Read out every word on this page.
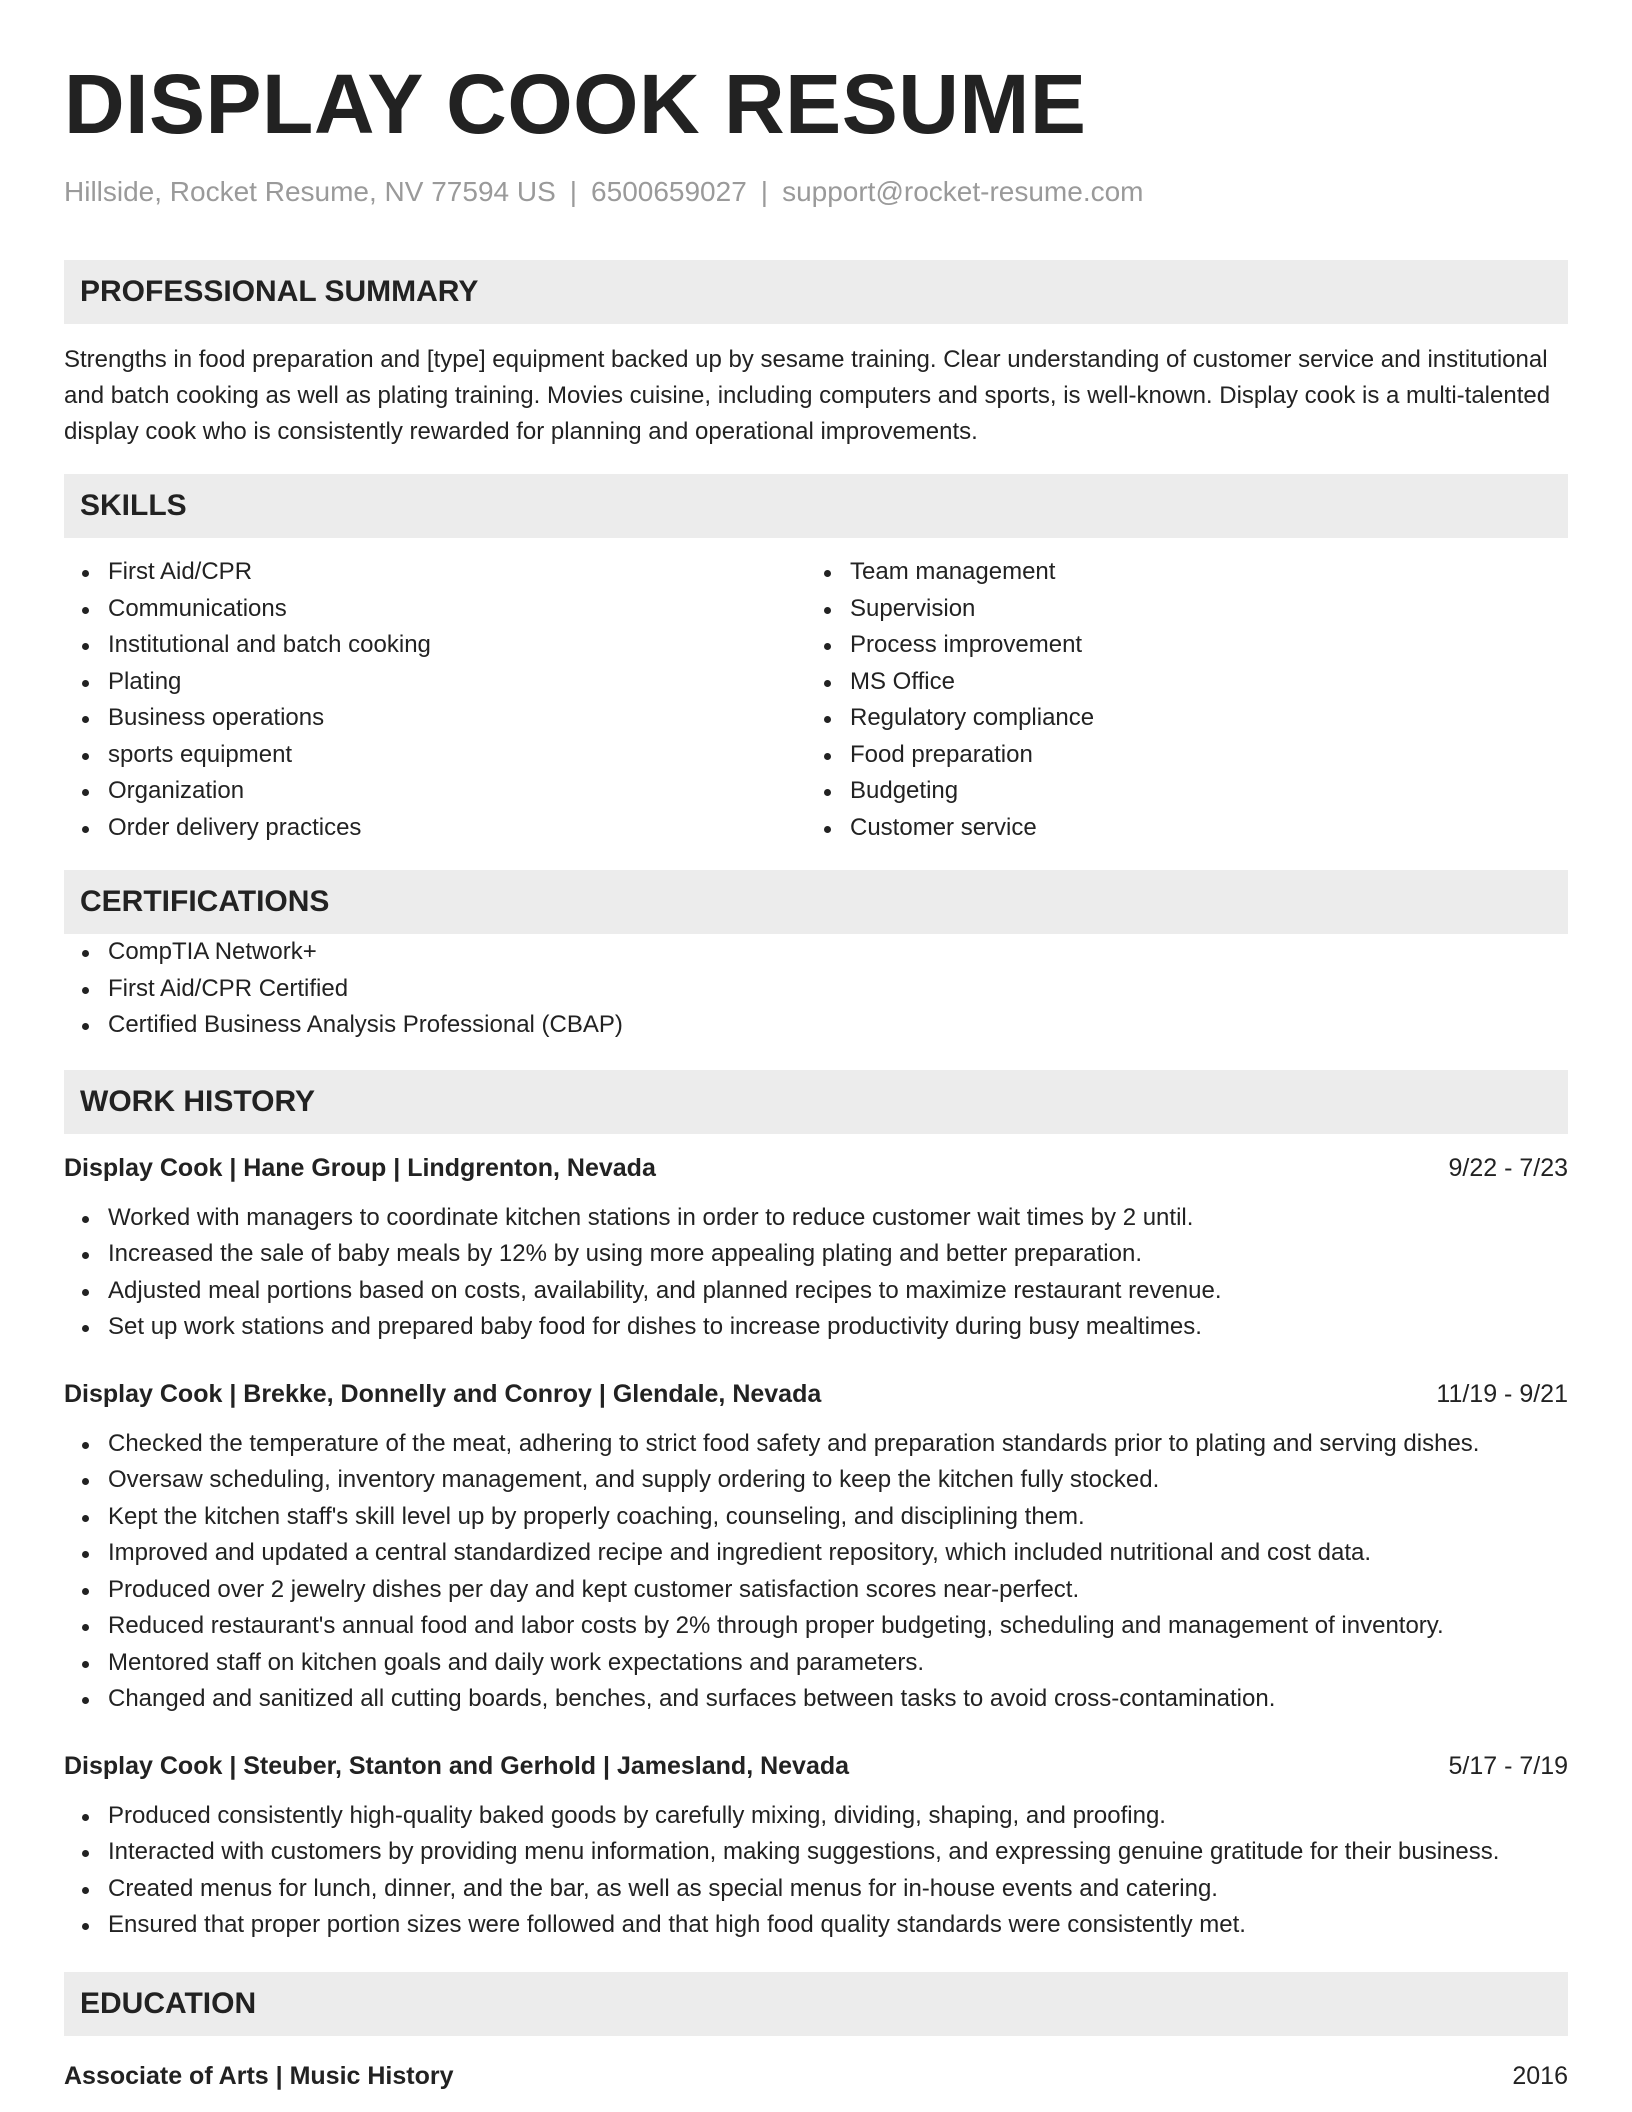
DISPLAY COOK RESUME
Hillside, Rocket Resume, NV 77594 US | 6500659027 | support@rocket-resume.com
PROFESSIONAL SUMMARY

Strengths in food preparation and [type] equipment backed up by sesame training. Clear understanding of customer service and institutional and batch cooking as well as plating training. Movies cuisine, including computers and sports, is well-known. Display cook is a multi-talented display cook who is consistently rewarded for planning and operational improvements.

SKILLS
First Aid/CPR
Communications
Institutional and batch cooking
Plating
Business operations
sports equipment
Organization
Order delivery practices
Team management
Supervision
Process improvement
MS Office
Regulatory compliance
Food preparation
Budgeting
Customer service
CERTIFICATIONS
CompTIA Network+
First Aid/CPR Certified
Certified Business Analysis Professional (CBAP)
WORK HISTORY
Display Cook | Hane Group | Lindgrenton, Nevada	9/22 - 7/23
Worked with managers to coordinate kitchen stations in order to reduce customer wait times by 2 until.
Increased the sale of baby meals by 12% by using more appealing plating and better preparation.
Adjusted meal portions based on costs, availability, and planned recipes to maximize restaurant revenue.
Set up work stations and prepared baby food for dishes to increase productivity during busy mealtimes.
Display Cook | Brekke, Donnelly and Conroy | Glendale, Nevada	11/19 - 9/21
Checked the temperature of the meat, adhering to strict food safety and preparation standards prior to plating and serving dishes.
Oversaw scheduling, inventory management, and supply ordering to keep the kitchen fully stocked.
Kept the kitchen staff's skill level up by properly coaching, counseling, and disciplining them.
Improved and updated a central standardized recipe and ingredient repository, which included nutritional and cost data.
Produced over 2 jewelry dishes per day and kept customer satisfaction scores near-perfect.
Reduced restaurant's annual food and labor costs by 2% through proper budgeting, scheduling and management of inventory.
Mentored staff on kitchen goals and daily work expectations and parameters.
Changed and sanitized all cutting boards, benches, and surfaces between tasks to avoid cross-contamination.
Display Cook | Steuber, Stanton and Gerhold | Jamesland, Nevada	5/17 - 7/19
Produced consistently high-quality baked goods by carefully mixing, dividing, shaping, and proofing.
Interacted with customers by providing menu information, making suggestions, and expressing genuine gratitude for their business.
Created menus for lunch, dinner, and the bar, as well as special menus for in-house events and catering.
Ensured that proper portion sizes were followed and that high food quality standards were consistently met.
EDUCATION
Associate of Arts | Music History	2016
